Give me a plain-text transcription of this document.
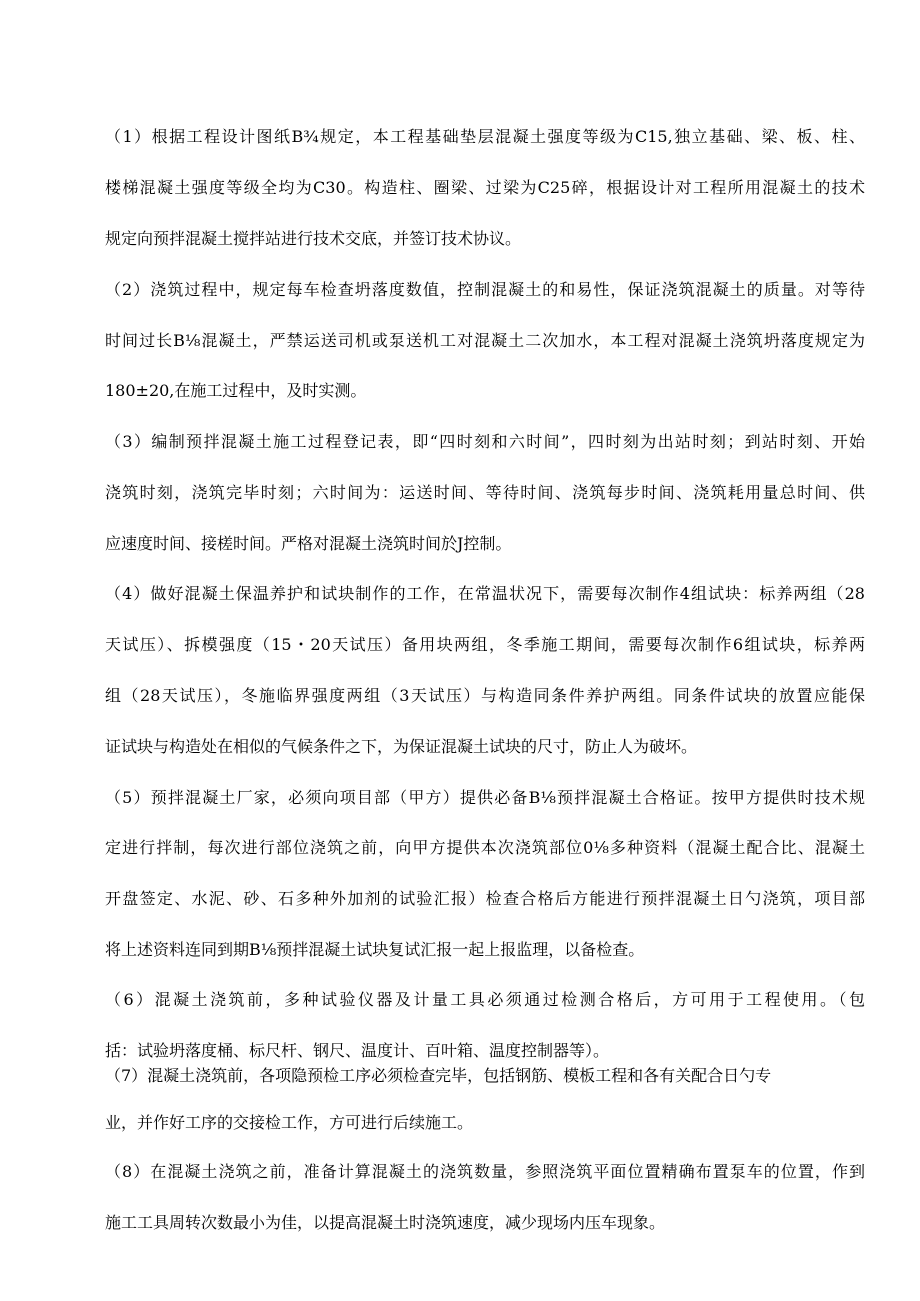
（1）根据工程设计图纸B¾规定，本工程基础垫层混凝土强度等级为C15,独立基础、梁、板、柱、
楼梯混凝土强度等级全均为C30。构造柱、圈梁、过梁为C25碎，根据设计对工程所用混凝土的技术
规定向预拌混凝土搅拌站进行技术交底，并签订技术协议。
（2）浇筑过程中，规定每车检查坍落度数值，控制混凝土的和易性，保证浇筑混凝土的质量。对等待
时间过长B⅛混凝土，严禁运送司机或泵送机工对混凝土二次加水，本工程对混凝土浇筑坍落度规定为
180±20,在施工过程中，及时实测。
（3）编制预拌混凝土施工过程登记表，即“四时刻和六时间”，四时刻为出站时刻；到站时刻、开始
浇筑时刻，浇筑完毕时刻；六时间为：运送时间、等待时间、浇筑每步时间、浇筑耗用量总时间、供
应速度时间、接槎时间。严格对混凝土浇筑时间於J控制。
（4）做好混凝土保温养护和试块制作的工作，在常温状况下，需要每次制作4组试块：标养两组（28
天试压）、拆模强度（15・20天试压）备用块两组，冬季施工期间，需要每次制作6组试块，标养两
组（28天试压），冬施临界强度两组（3天试压）与构造同条件养护两组。同条件试块的放置应能保
证试块与构造处在相似的气候条件之下，为保证混凝土试块的尺寸，防止人为破坏。
（5）预拌混凝土厂家，必须向项目部（甲方）提供必备B⅛预拌混凝土合格证。按甲方提供时技术规
定进行拌制，每次进行部位浇筑之前，向甲方提供本次浇筑部位0⅛多种资料（混凝土配合比、混凝土
开盘签定、水泥、砂、石多种外加剂的试验汇报）检查合格后方能进行预拌混凝土日勺浇筑，项目部
将上述资料连同到期B⅛预拌混凝土试块复试汇报一起上报监理，以备检查。
（6）混凝土浇筑前，多种试验仪器及计量工具必须通过检测合格后，方可用于工程使用。（包
括：试验坍落度桶、标尺杆、钢尺、温度计、百叶箱、温度控制器等）。
（7）混凝土浇筑前，各项隐预检工序必须检查完毕，包括钢筋、模板工程和各有关配合日勺专
业，并作好工序的交接检工作，方可进行后续施工。
（8）在混凝土浇筑之前，准备计算混凝土的浇筑数量，参照浇筑平面位置精确布置泵车的位置，作到
施工工具周转次数最小为佳，以提高混凝土时浇筑速度，减少现场内压车现象。
